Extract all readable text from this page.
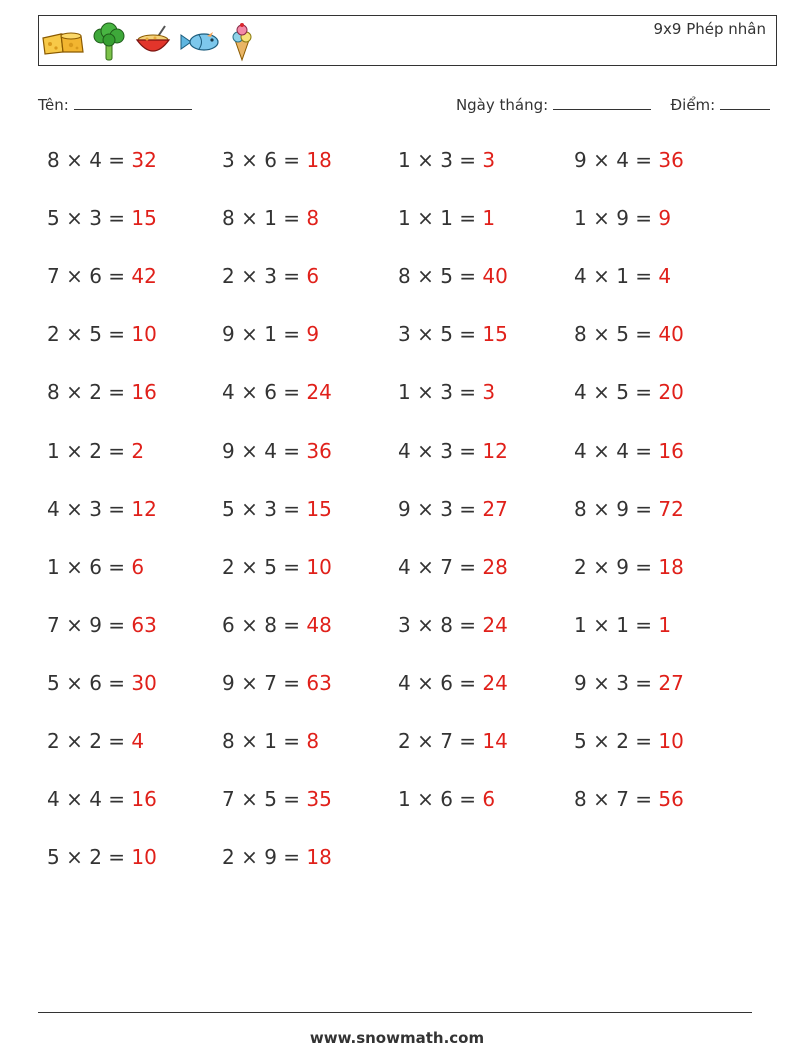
9x9 Phép nhân
Tên:	Ngày tháng:	Điểm:
8 × 4 = 32	3 × 6 = 18	1 × 3 = 3	9 × 4 = 36
5 × 3 = 15	8 × 1 = 8	1 × 1 = 1	1 × 9 = 9
7 × 6 = 42	2 × 3 = 6	8 × 5 = 40	4 × 1 = 4
2 × 5 = 10	9 × 1 = 9	3 × 5 = 15	8 × 5 = 40
8 × 2 = 16	4 × 6 = 24	1 × 3 = 3	4 × 5 = 20
1 × 2 = 2	9 × 4 = 36	4 × 3 = 12	4 × 4 = 16
4 × 3 = 12	5 × 3 = 15	9 × 3 = 27	8 × 9 = 72
1 × 6 = 6	2 × 5 = 10	4 × 7 = 28	2 × 9 = 18
7 × 9 = 63	6 × 8 = 48	3 × 8 = 24	1 × 1 = 1
5 × 6 = 30	9 × 7 = 63	4 × 6 = 24	9 × 3 = 27
2 × 2 = 4	8 × 1 = 8	2 × 7 = 14	5 × 2 = 10
4 × 4 = 16	7 × 5 = 35	1 × 6 = 6	8 × 7 = 56
5 × 2 = 10	2 × 9 = 18
www.snowmath.com
